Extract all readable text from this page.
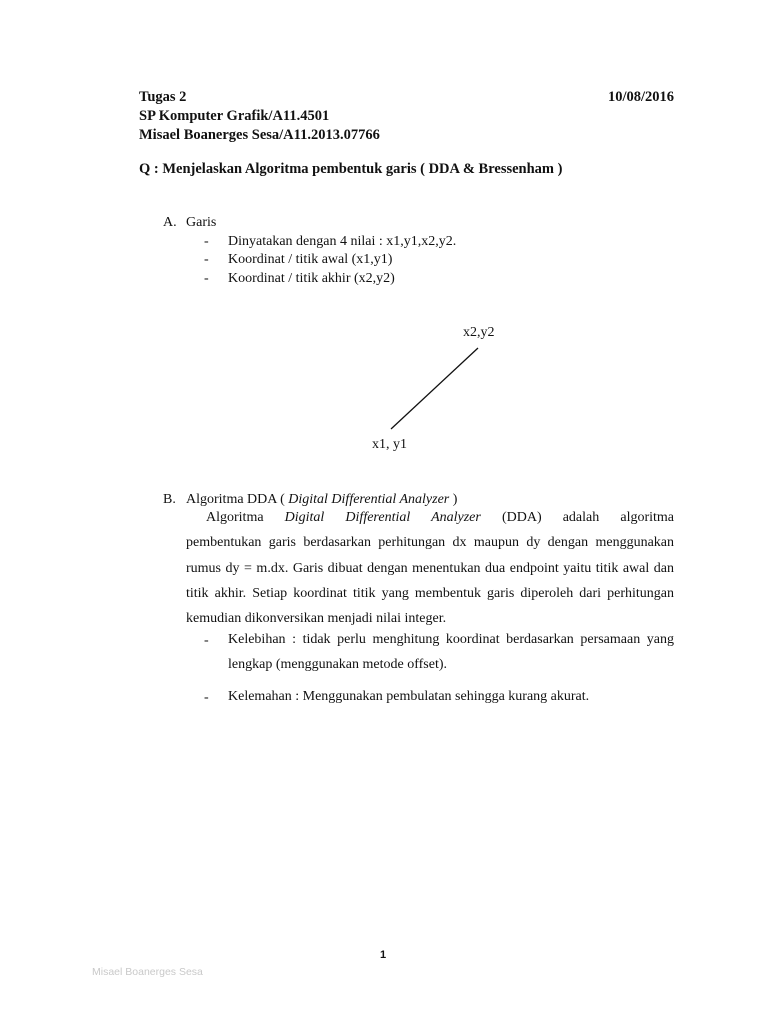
Tugas 2	10/08/2016
SP Komputer Grafik/A11.4501
Misael Boanerges Sesa/A11.2013.07766
Q : Menjelaskan Algoritma pembentuk garis ( DDA & Bressenham )
A. Garis
- Dinyatakan dengan 4 nilai : x1,y1,x2,y2.
- Koordinat / titik awal (x1,y1)
- Koordinat / titik akhir (x2,y2)
x2,y2
x1, y1
B. Algoritma DDA ( Digital Differential Analyzer )
Algoritma Digital Differential Analyzer (DDA) adalah algoritma
pembentukan garis berdasarkan perhitungan dx maupun dy dengan menggunakan rumus dy = m.dx. Garis dibuat dengan menentukan dua endpoint yaitu titik awal dan titik akhir. Setiap koordinat titik yang membentuk garis diperoleh dari perhitungan kemudian dikonversikan menjadi nilai integer.
- Kelebihan : tidak perlu menghitung koordinat berdasarkan persamaan yang lengkap (menggunakan metode offset).
- Kelemahan : Menggunakan pembulatan sehingga kurang akurat.
1
Misael Boanerges Sesa
